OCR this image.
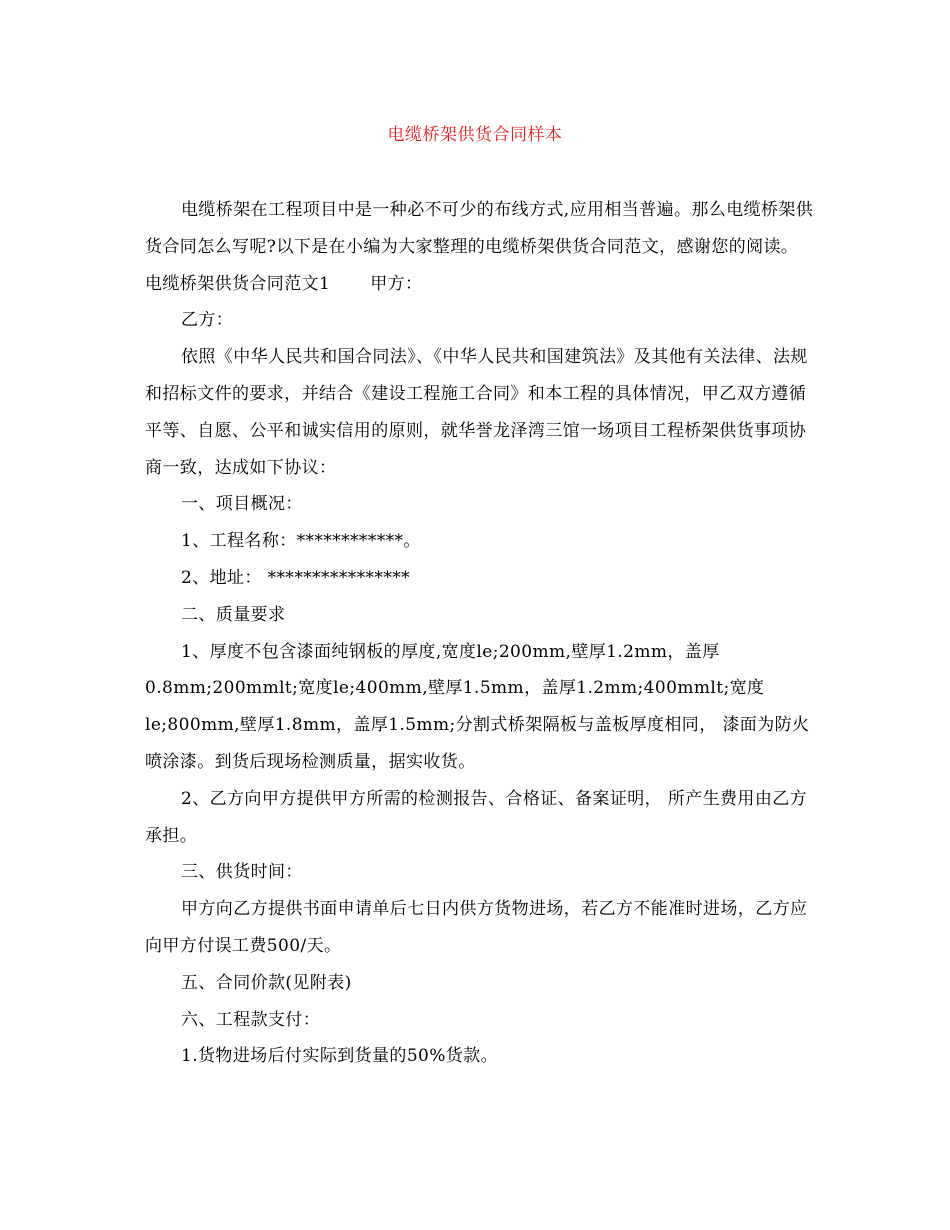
电缆桥架供货合同样本

电缆桥架在工程项目中是一种必不可少的布线方式,应用相当普遍。那么电缆桥架供货合同怎么写呢?以下是在小编为大家整理的电缆桥架供货合同范文，感谢您的阅读。

电缆桥架供货合同范文1 甲方：

乙方：

依照《中华人民共和国合同法》、《中华人民共和国建筑法》及其他有关法律、法规和招标文件的要求，并结合《建设工程施工合同》和本工程的具体情况，甲乙双方遵循平等、自愿、公平和诚实信用的原则，就华誉龙泽湾三馆一场项目工程桥架供货事项协商一致，达成如下协议：

一、项目概况：

1、工程名称：************。

2、地址： ****************

二、质量要求

1、厚度不包含漆面纯钢板的厚度,宽度le;200mm,壁厚1.2mm，盖厚0.8mm;200mmlt;宽度le;400mm,壁厚1.5mm，盖厚1.2mm;400mmlt;宽度le;800mm,壁厚1.8mm，盖厚1.5mm;分割式桥架隔板与盖板厚度相同， 漆面为防火喷涂漆。到货后现场检测质量，据实收货。

2、乙方向甲方提供甲方所需的检测报告、合格证、备案证明， 所产生费用由乙方承担。

三、供货时间：

甲方向乙方提供书面申请单后七日内供方货物进场，若乙方不能准时进场，乙方应向甲方付误工费500/天。

五、合同价款(见附表)

六、工程款支付：

1.货物进场后付实际到货量的50%货款。
